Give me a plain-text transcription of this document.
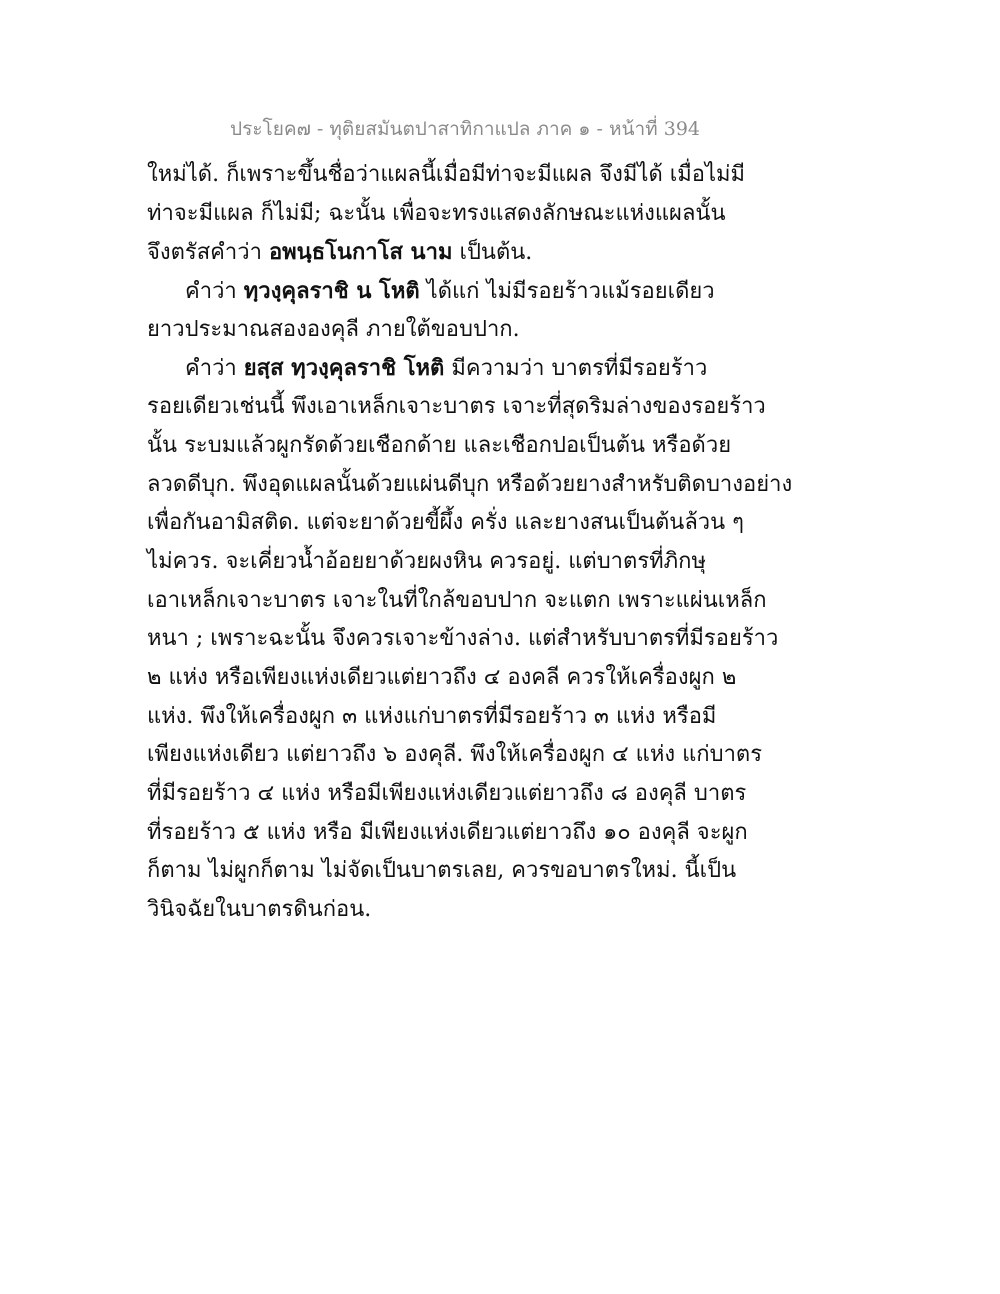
ประโยค๗ - ทุติยสมันตปาสาทิกาแปล ภาค ๑ - หน้าที่ 394
ใหม่ได้. ก็เพราะขึ้นชื่อว่าแผลนี้เมื่อมีท่าจะมีแผล จึงมีได้ เมื่อไม่มี
ท่าจะมีแผล ก็ไม่มี; ฉะนั้น เพื่อจะทรงแสดงลักษณะแห่งแผลนั้น
จึงตรัสคำว่า อพนฺธโนกาโส นาม เป็นต้น.
คำว่า ทฺวงฺคุลราชิ น โหติ ได้แก่ ไม่มีรอยร้าวแม้รอยเดียว
ยาวประมาณสององคุลี ภายใต้ขอบปาก.
คำว่า ยสฺส ทฺวงฺคุลราชิ โหติ มีความว่า บาตรที่มีรอยร้าว
รอยเดียวเช่นนี้ พึงเอาเหล็กเจาะบาตร เจาะที่สุดริมล่างของรอยร้าว
นั้น ระบมแล้วผูกรัดด้วยเชือกด้าย และเชือกปอเป็นต้น หรือด้วย
ลวดดีบุก. พึงอุดแผลนั้นด้วยแผ่นดีบุก หรือด้วยยางสำหรับติดบางอย่าง
เพื่อกันอามิสติด. แต่จะยาด้วยขี้ผึ้ง ครั่ง และยางสนเป็นต้นล้วน ๆ
ไม่ควร. จะเคี่ยวน้ำอ้อยยาด้วยผงหิน ควรอยู่. แต่บาตรที่ภิกษุ
เอาเหล็กเจาะบาตร เจาะในที่ใกล้ขอบปาก จะแตก เพราะแผ่นเหล็ก
หนา ; เพราะฉะนั้น จึงควรเจาะข้างล่าง. แต่สำหรับบาตรที่มีรอยร้าว
๒ แห่ง หรือเพียงแห่งเดียวแต่ยาวถึง ๔ องคลี ควรให้เครื่องผูก ๒
แห่ง. พึงให้เครื่องผูก ๓ แห่งแก่บาตรที่มีรอยร้าว ๓ แห่ง หรือมี
เพียงแห่งเดียว แต่ยาวถึง ๖ องคุลี. พึงให้เครื่องผูก ๔ แห่ง แก่บาตร
ที่มีรอยร้าว ๔ แห่ง หรือมีเพียงแห่งเดียวแต่ยาวถึง ๘ องคุลี บาตร
ที่รอยร้าว ๕ แห่ง หรือ มีเพียงแห่งเดียวแต่ยาวถึง ๑๐ องคุลี จะผูก
ก็ตาม ไม่ผูกก็ตาม ไม่จัดเป็นบาตรเลย, ควรขอบาตรใหม่. นี้เป็น
วินิจฉัยในบาตรดินก่อน.
